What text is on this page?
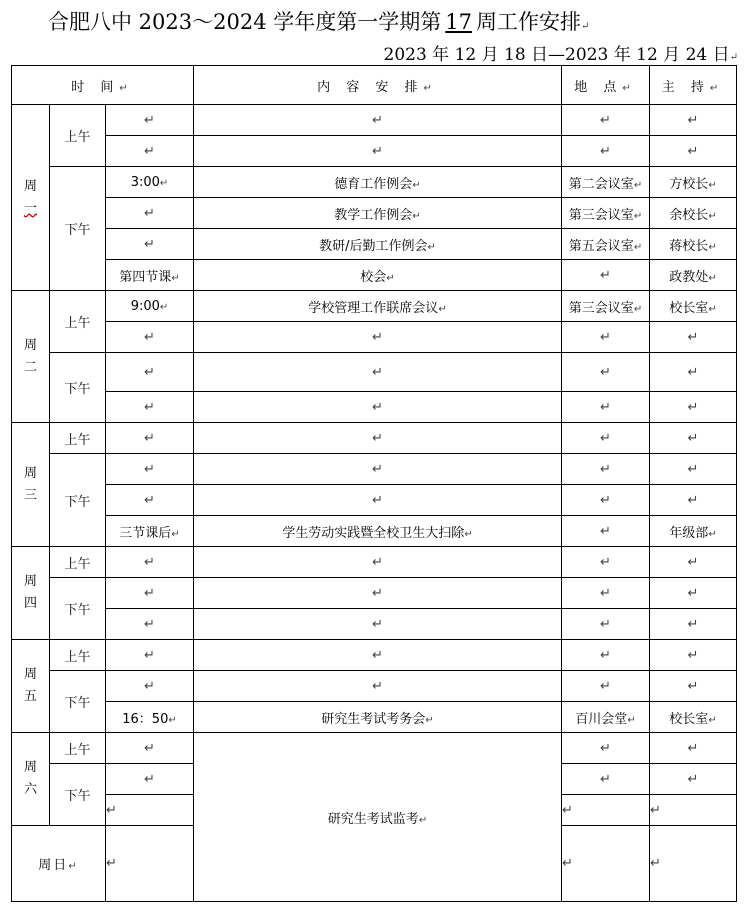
合肥八中 2023～2024 学年度第一学期第 17 周工作安排↵
2023 年 12 月 18 日—2023 年 12 月 24 日↵
时 间↵			内 容 安 排↵	地 点↵	主 持↵

周
一	上午	↵	↵	↵	↵
		↵	↵	↵	↵
	下午	3:00↵	德育工作例会↵	第二会议室↵	方校长↵
		↵	教学工作例会↵	第三会议室↵	余校长↵
		↵	教研/后勤工作例会↵	第五会议室↵	蒋校长↵
		第四节课↵	校会↵	↵	政教处↵

周
二	上午	9:00↵	学校管理工作联席会议↵	第三会议室↵	校长室↵
		↵	↵	↵	↵
	下午	↵	↵	↵	↵
		↵	↵	↵	↵

周
三	上午	↵	↵	↵	↵
	下午	↵	↵	↵	↵
		↵	↵	↵	↵
		三节课后↵	学生劳动实践暨全校卫生大扫除↵	↵	年级部↵

周
四	上午	↵	↵	↵	↵
	下午	↵	↵	↵	↵
		↵	↵	↵	↵

周
五	上午	↵	↵	↵	↵
	下午	↵	↵	↵	↵
		16：50↵	研究生考试考务会↵	百川会堂↵	校长室↵

周
六	上午	↵	研究生考试监考↵	↵	↵
	下午	↵		↵	↵
		↵		↵	↵
周日↵		↵		↵	↵
